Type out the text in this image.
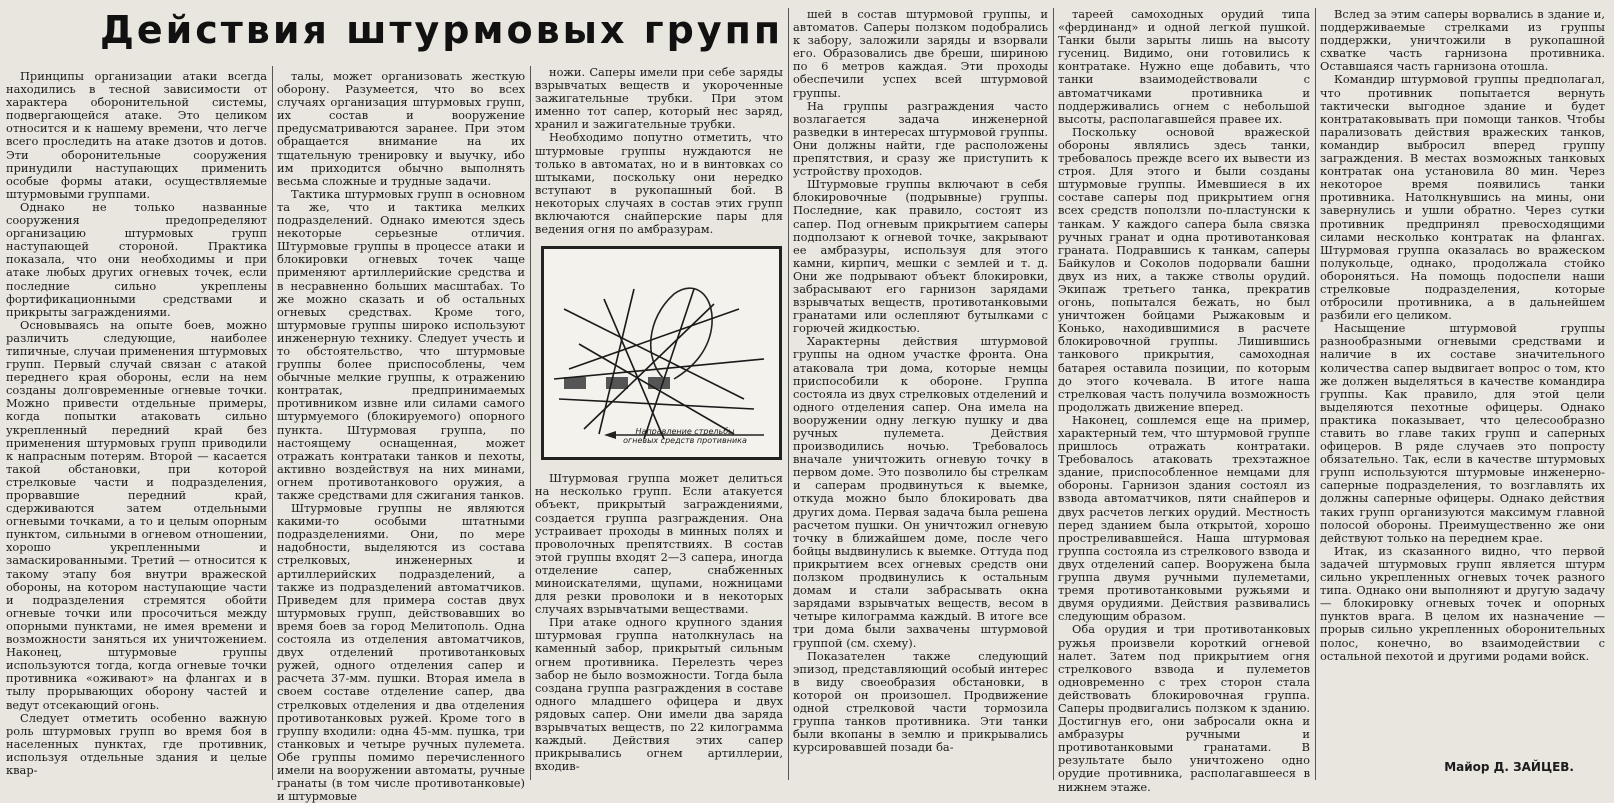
Действия штурмовых групп

Принципы организации атаки всегда находились в тесной зависимости от характера оборонительной системы, подвергающейся атаке. Это целиком относится и к нашему времени, что легче всего проследить на атаке дзотов и дотов. Эти оборонительные сооружения принудили наступающих применить особые формы атаки, осуществляемые штурмовыми группами.

Однако не только названные сооружения предопределяют организацию штурмовых групп наступающей стороной. Практика показала, что они необходимы и при атаке любых других огневых точек, если последние сильно укреплены фортификационными средствами и прикрыты заграждениями.

Основываясь на опыте боев, можно различить следующие, наиболее типичные, случаи применения штурмовых групп. Первый случай связан с атакой переднего края обороны, если на нем созданы долговременные огневые точки. Можно привести отдельные примеры, когда попытки атаковать сильно укрепленный передний край без применения штурмовых групп приводили к напрасным потерям. Второй — касается такой обстановки, при которой стрелковые части и подразделения, прорвавшие передний край, сдерживаются затем отдельными огневыми точками, а то и целым опорным пунктом, сильными в огневом отношении, хорошо укрепленными и замаскированными. Третий — относится к такому этапу боя внутри вражеской обороны, на котором наступающие части и подразделения стремятся обойти огневые точки или просочиться между опорными пунктами, не имея времени и возможности заняться их уничтожением. Наконец, штурмовые группы используются тогда, когда огневые точки противника «оживают» на флангах и в тылу прорывающих оборону частей и ведут отсекающий огонь.

Следует отметить особенно важную роль штурмовых групп во время боя в населенных пунктах, где противник, используя отдельные здания и целые квар-

талы, может организовать жесткую оборону. Разумеется, что во всех случаях организация штурмовых групп, их состав и вооружение предусматриваются заранее. При этом обращается внимание на их тщательную тренировку и выучку, ибо им приходится обычно выполнять весьма сложные и трудные задачи.

Тактика штурмовых групп в основном та же, что и тактика мелких подразделений. Однако имеются здесь некоторые серьезные отличия. Штурмовые группы в процессе атаки и блокировки огневых точек чаще применяют артиллерийские средства и в несравненно больших масштабах. То же можно сказать и об остальных огневых средствах. Кроме того, штурмовые группы широко используют инженерную технику. Следует учесть и то обстоятельство, что штурмовые группы более приспособлены, чем обычные мелкие группы, к отражению контратак, предпринимаемых противником извне или силами самого штурмуемого (блокируемого) опорного пункта. Штурмовая группа, по настоящему оснащенная, может отражать контратаки танков и пехоты, активно воздействуя на них минами, огнем противотанкового оружия, а также средствами для сжигания танков.

Штурмовые группы не являются какими-то особыми штатными подразделениями. Они, по мере надобности, выделяются из состава стрелковых, инженерных и артиллерийских подразделений, а также из подразделений автоматчиков. Приведем для примера состав двух штурмовых групп, действовавших во время боев за город Мелитополь. Одна состояла из отделения автоматчиков, двух отделений противотанковых ружей, одного отделения сапер и расчета 37-мм. пушки. Вторая имела в своем составе отделение сапер, два стрелковых отделения и два отделения противотанковых ружей. Кроме того в группу входили: одна 45-мм. пушка, три станковых и четыре ручных пулемета. Обе группы помимо перечисленного имели на вооружении автоматы, ручные гранаты (в том числе противотанковые) и штурмовые

ножи. Саперы имели при себе заряды взрывчатых веществ и укороченные зажигательные трубки. При этом именно тот сапер, который нес заряд, хранил и зажигательные трубки.

Необходимо попутно отметить, что штурмовые группы нуждаются не только в автоматах, но и в винтовках со штыками, поскольку они нередко вступают в рукопашный бой. В некоторых случаях в состав этих групп включаются снайперские пары для ведения огня по амбразурам.

Направление стрельбы
огневых средств противника

Штурмовая группа может делиться на несколько групп. Если атакуется объект, прикрытый заграждениями, создается группа разграждения. Она устраивает проходы в минных полях и проволочных препятствиях. В состав этой группы входят 2—3 сапера, иногда отделение сапер, снабженных миноискателями, щупами, ножницами для резки проволоки и в некоторых случаях взрывчатыми веществами.

При атаке одного крупного здания штурмовая группа натолкнулась на каменный забор, прикрытый сильным огнем противника. Перелезть через забор не было возможности. Тогда была создана группа разграждения в составе одного младшего офицера и двух рядовых сапер. Они имели два заряда взрывчатых веществ, по 22 килограмма каждый. Действия этих сапер прикрывались огнем артиллерии, входив-

шей в состав штурмовой группы, и автоматов. Саперы ползком подобрались к забору, заложили заряды и взорвали его. Образовались две бреши, шириною по 6 метров каждая. Эти проходы обеспечили успех всей штурмовой группы.

На группы разграждения часто возлагается задача инженерной разведки в интересах штурмовой группы. Они должны найти, где расположены препятствия, и сразу же приступить к устройству проходов.

Штурмовые группы включают в себя блокировочные (подрывные) группы. Последние, как правило, состоят из сапер. Под огневым прикрытием саперы подползают к огневой точке, закрывают ее амбразуры, используя для этого камни, кирпич, мешки с землей и т. д. Они же подрывают объект блокировки, забрасывают его гарнизон зарядами взрывчатых веществ, противотанковыми гранатами или ослепляют бутылками с горючей жидкостью.

Характерны действия штурмовой группы на одном участке фронта. Она атаковала три дома, которые немцы приспособили к обороне. Группа состояла из двух стрелковых отделений и одного отделения сапер. Она имела на вооружении одну легкую пушку и два ручных пулемета. Действия производились ночью. Требовалось вначале уничтожить огневую точку в первом доме. Это позволило бы стрелкам и саперам продвинуться к выемке, откуда можно было блокировать два других дома. Первая задача была решена расчетом пушки. Он уничтожил огневую точку в ближайшем доме, после чего бойцы выдвинулись к выемке. Оттуда под прикрытием всех огневых средств они ползком продвинулись к остальным домам и стали забрасывать окна зарядами взрывчатых веществ, весом в четыре килограмма каждый. В итоге все три дома были захвачены штурмовой группой (см. схему).

Показателен также следующий эпизод, представляющий особый интерес в виду своеобразия обстановки, в которой он произошел. Продвижение одной стрелковой части тормозила группа танков противника. Эти танки были вкопаны в землю и прикрывались курсировавшей позади ба-

тареей самоходных орудий типа «фердинанд» и одной легкой пушкой. Танки были зарыты лишь на высоту гусениц. Видимо, они готовились к контратаке. Нужно еще добавить, что танки взаимодействовали с автоматчиками противника и поддерживались огнем с небольшой высоты, располагавшейся правее их.

Поскольку основой вражеской обороны являлись здесь танки, требовалось прежде всего их вывести из строя. Для этого и были созданы штурмовые группы. Имевшиеся в их составе саперы под прикрытием огня всех средств поползли по-пластунски к танкам. У каждого сапера была связка ручных гранат и одна противотанковая граната. Подравшись к танкам, саперы Байкулов и Соколов подорвали башни двух из них, а также стволы орудий. Экипаж третьего танка, прекратив огонь, попытался бежать, но был уничтожен бойцами Рыжаковым и Конько, находившимися в расчете блокировочной группы. Лишившись танкового прикрытия, самоходная батарея оставила позиции, по которым до этого кочевала. В итоге наша стрелковая часть получила возможность продолжать движение вперед.

Наконец, сошлемся еще на пример, характерный тем, что штурмовой группе пришлось отражать контратаки. Требовалось атаковать трехэтажное здание, приспособленное немцами для обороны. Гарнизон здания состоял из взвода автоматчиков, пяти снайперов и двух расчетов легких орудий. Местность перед зданием была открытой, хорошо простреливавшейся. Наша штурмовая группа состояла из стрелкового взвода и двух отделений сапер. Вооружена была группа двумя ручными пулеметами, тремя противотанковыми ружьями и двумя орудиями. Действия развивались следующим образом.

Оба орудия и три противотанковых ружья произвели короткий огневой налет. Затем под прикрытием огня стрелкового взвода и пулеметов одновременно с трех сторон стала действовать блокировочная группа. Саперы продвигались ползком к зданию. Достигнув его, они забросали окна и амбразуры ручными и противотанковыми гранатами. В результате было уничтожено одно орудие противника, располагавшееся в нижнем этаже.

Вслед за этим саперы ворвались в здание и, поддерживаемые стрелками из группы поддержки, уничтожили в рукопашной схватке часть гарнизона противника. Оставшаяся часть гарнизона отошла.

Командир штурмовой группы предполагал, что противник попытается вернуть тактически выгодное здание и будет контратаковывать при помощи танков. Чтобы парализовать действия вражеских танков, командир выбросил вперед группу заграждения. В местах возможных танковых контратак она установила 80 мин. Через некоторое время появились танки противника. Натолкнувшись на мины, они завернулись и ушли обратно. Через сутки противник предпринял превосходящими силами несколько контратак на флангах. Штурмовая группа оказалась во вражеском полукольце, однако, продолжала стойко обороняться. На помощь подоспели наши стрелковые подразделения, которые отбросили противника, а в дальнейшем разбили его целиком.

Насыщение штурмовой группы разнообразными огневыми средствами и наличие в их составе значительного количества сапер выдвигает вопрос о том, кто же должен выделяться в качестве командира группы. Как правило, для этой цели выделяются пехотные офицеры. Однако практика показывает, что целесообразно ставить во главе таких групп и саперных офицеров. В ряде случаев это попросту обязательно. Так, если в качестве штурмовых групп используются штурмовые инженерно-саперные подразделения, то возглавлять их должны саперные офицеры. Однако действия таких групп организуются максимум главной полосой обороны. Преимущественно же они действуют только на переднем крае.

Итак, из сказанного видно, что первой задачей штурмовых групп является штурм сильно укрепленных огневых точек разного типа. Однако они выполняют и другую задачу — блокировку огневых точек и опорных пунктов врага. В целом их назначение — прорыв сильно укрепленных оборонительных полос, конечно, во взаимодействии с остальной пехотой и другими родами войск.

Майор Д. ЗАЙЦЕВ.
